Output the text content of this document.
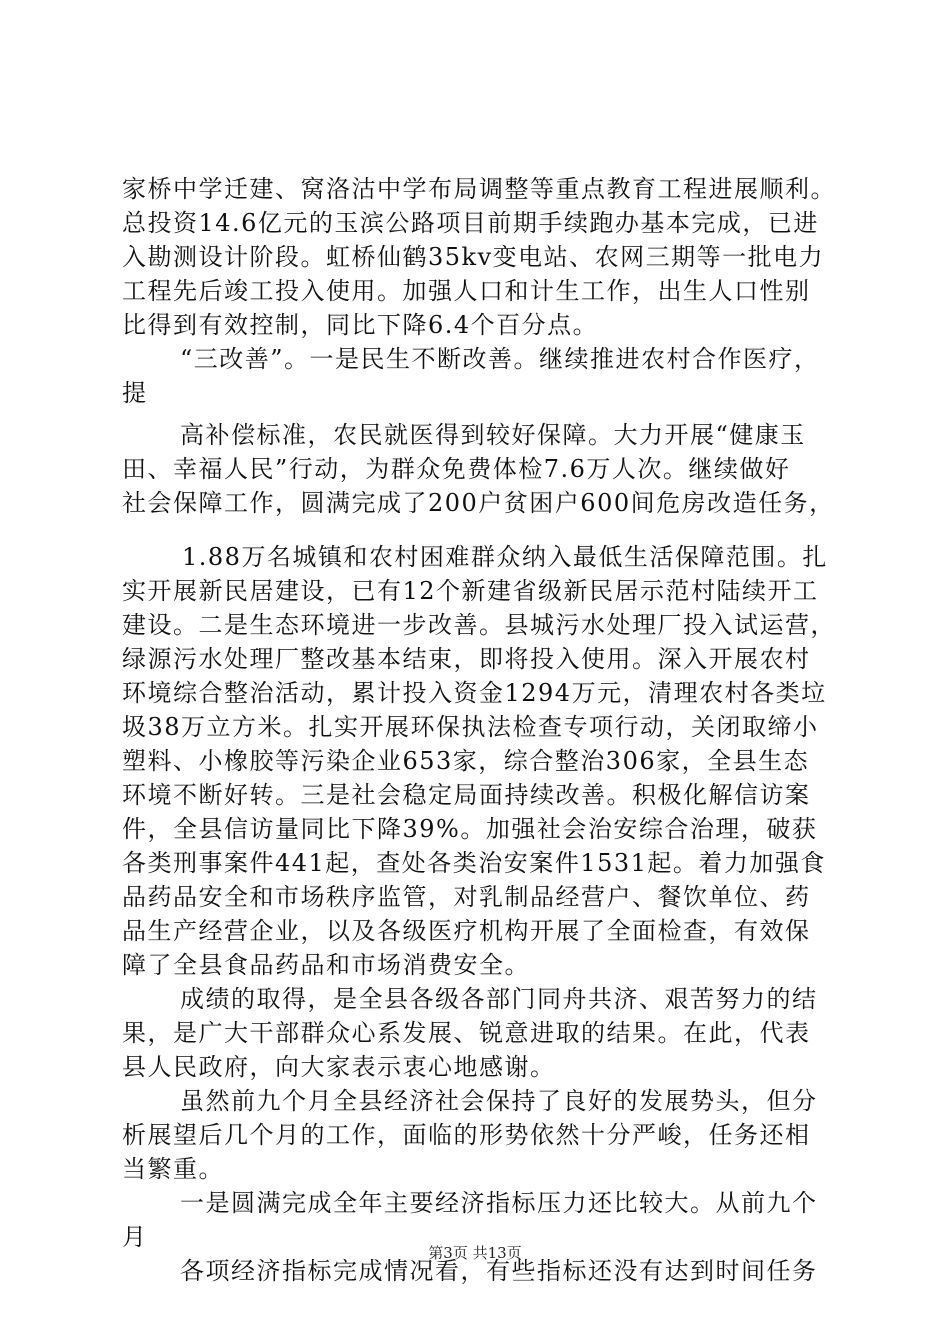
家桥中学迁建、窝洛沽中学布局调整等重点教育工程进展顺利。
总投资14.6亿元的玉滨公路项目前期手续跑办基本完成，已进
入勘测设计阶段。虹桥仙鹤35kv变电站、农网三期等一批电力
工程先后竣工投入使用。加强人口和计生工作，出生人口性别
比得到有效控制，同比下降6.4个百分点。
“三改善”。一是民生不断改善。继续推进农村合作医疗，
提
高补偿标准，农民就医得到较好保障。大力开展“健康玉
田、幸福人民”行动，为群众免费体检7.6万人次。继续做好
社会保障工作，圆满完成了200户贫困户600间危房改造任务，
1.88万名城镇和农村困难群众纳入最低生活保障范围。扎
实开展新民居建设，已有12个新建省级新民居示范村陆续开工
建设。二是生态环境进一步改善。县城污水处理厂投入试运营，
绿源污水处理厂整改基本结束，即将投入使用。深入开展农村
环境综合整治活动，累计投入资金1294万元，清理农村各类垃
圾38万立方米。扎实开展环保执法检查专项行动，关闭取缔小
塑料、小橡胶等污染企业653家，综合整治306家，全县生态
环境不断好转。三是社会稳定局面持续改善。积极化解信访案
件，全县信访量同比下降39%。加强社会治安综合治理，破获
各类刑事案件441起，查处各类治安案件1531起。着力加强食
品药品安全和市场秩序监管，对乳制品经营户、餐饮单位、药
品生产经营企业，以及各级医疗机构开展了全面检查，有效保
障了全县食品药品和市场消费安全。
成绩的取得，是全县各级各部门同舟共济、艰苦努力的结
果，是广大干部群众心系发展、锐意进取的结果。在此，代表
县人民政府，向大家表示衷心地感谢。
虽然前九个月全县经济社会保持了良好的发展势头，但分
析展望后几个月的工作，面临的形势依然十分严峻，任务还相
当繁重。
一是圆满完成全年主要经济指标压力还比较大。从前九个
月
各项经济指标完成情况看，有些指标还没有达到时间任务
第3页 共13页
